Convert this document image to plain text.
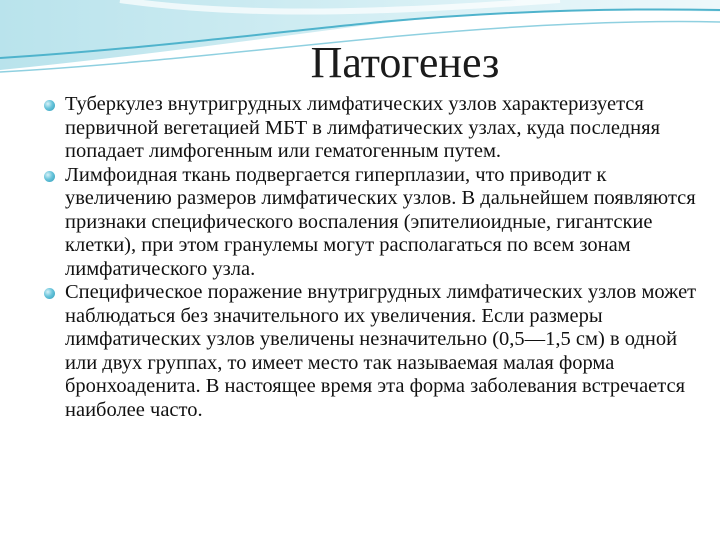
Патогенез
Туберкулез внутригрудных лимфатических узлов характеризуется первичной вегетацией МБТ в лимфатических узлах, куда последняя попадает лимфогенным или гематогенным путем.
Лимфоидная ткань подвергается гиперплазии, что приводит к увеличению размеров лимфатических узлов. В дальнейшем появляются признаки специфического воспаления (эпителиоидные, гигантские клетки), при этом гранулемы могут располагаться по всем зонам лимфатического узла.
Специфическое поражение внутригрудных лимфатических узлов может наблюдаться без значительного их увеличения. Если размеры лимфатических узлов увеличены незначительно (0,5—1,5 см) в одной или двух группах, то имеет место так называемая малая форма бронхоаденита. В настоящее время эта форма заболевания встречается наиболее часто.
